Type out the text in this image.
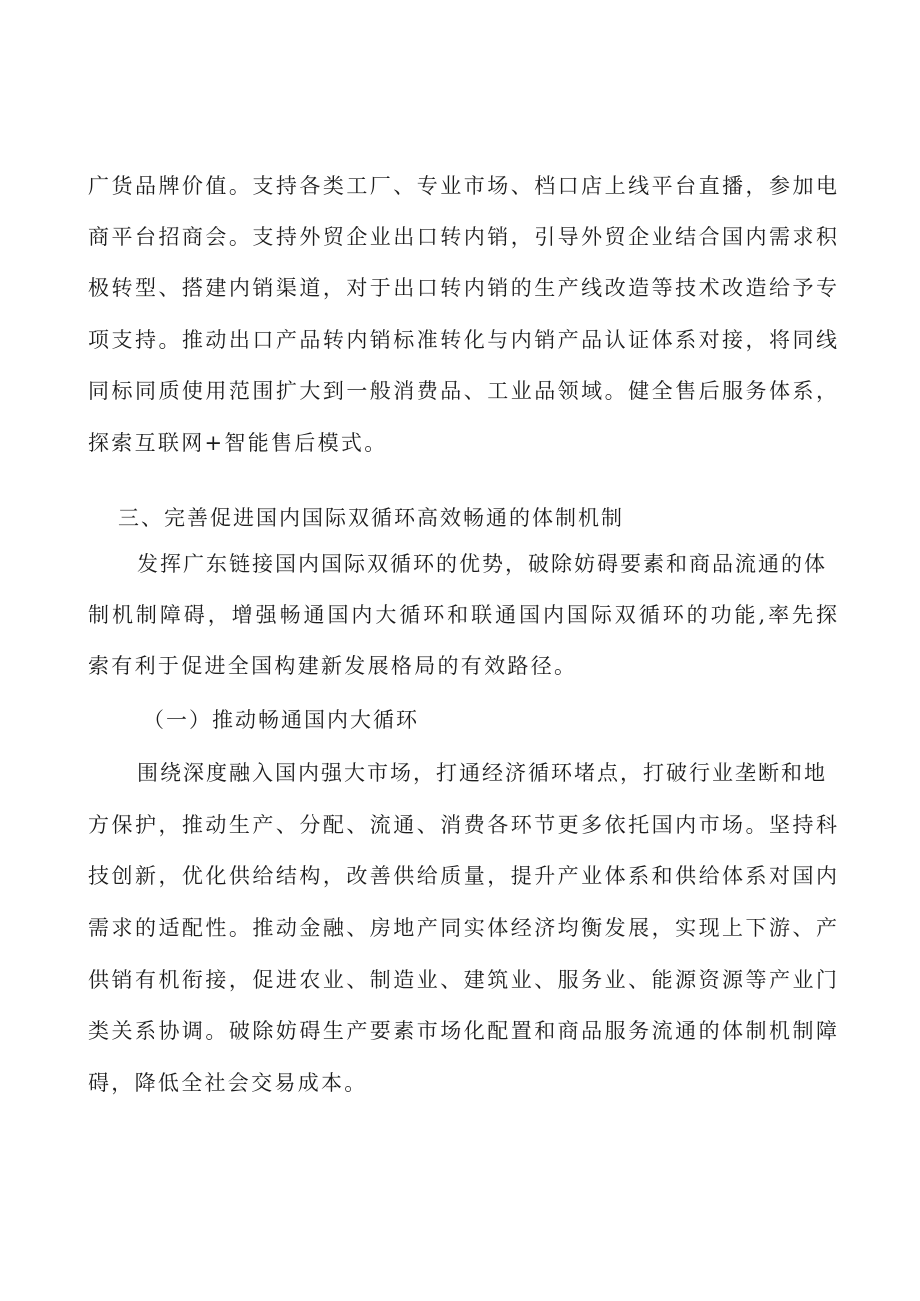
广货品牌价值。支持各类工厂、专业市场、档口店上线平台直播，参加电
商平台招商会。支持外贸企业出口转内销，引导外贸企业结合国内需求积
极转型、搭建内销渠道，对于出口转内销的生产线改造等技术改造给予专
项支持。推动出口产品转内销标准转化与内销产品认证体系对接，将同线
同标同质使用范围扩大到一般消费品、工业品领域。健全售后服务体系，
探索互联网+智能售后模式。
三、完善促进国内国际双循环高效畅通的体制机制
发挥广东链接国内国际双循环的优势，破除妨碍要素和商品流通的体
制机制障碍，增强畅通国内大循环和联通国内国际双循环的功能,率先探
索有利于促进全国构建新发展格局的有效路径。
（一）推动畅通国内大循环
围绕深度融入国内强大市场，打通经济循环堵点，打破行业垄断和地
方保护，推动生产、分配、流通、消费各环节更多依托国内市场。坚持科
技创新，优化供给结构，改善供给质量，提升产业体系和供给体系对国内
需求的适配性。推动金融、房地产同实体经济均衡发展，实现上下游、产
供销有机衔接，促进农业、制造业、建筑业、服务业、能源资源等产业门
类关系协调。破除妨碍生产要素市场化配置和商品服务流通的体制机制障
碍，降低全社会交易成本。
